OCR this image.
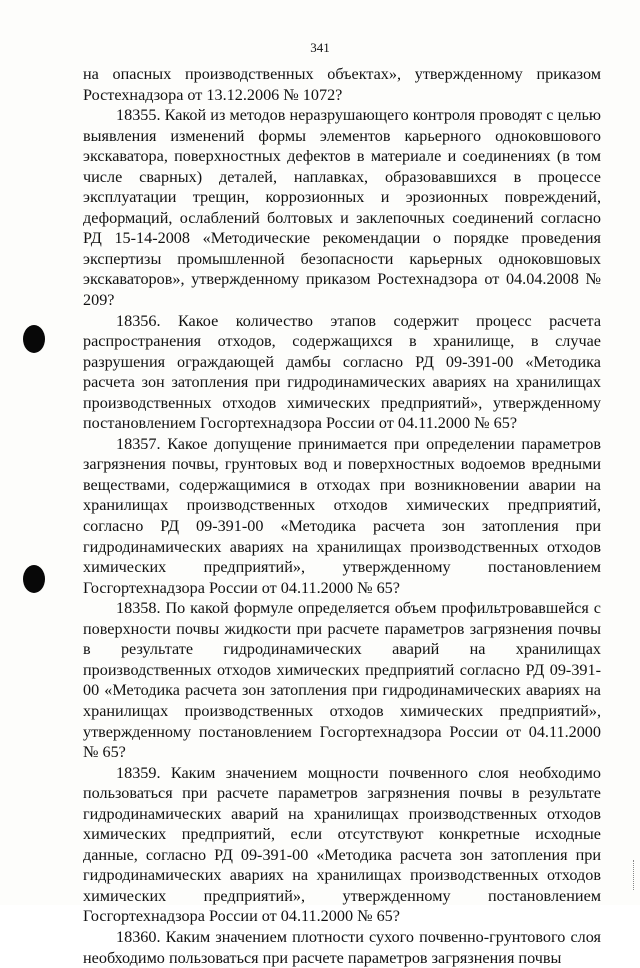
341

на опасных производственных объектах», утвержденному приказом Ростехнадзора от 13.12.2006 № 1072?

18355. Какой из методов неразрушающего контроля проводят с целью выявления изменений формы элементов карьерного одноковшового экскаватора, поверхностных дефектов в материале и соединениях (в том числе сварных) деталей, наплавках, образовавшихся в процессе эксплуатации трещин, коррозионных и эрозионных повреждений, деформаций, ослаблений болтовых и заклепочных соединений согласно РД 15-14-2008 «Методические рекомендации о порядке проведения экспертизы промышленной безопасности карьерных одноковшовых экскаваторов», утвержденному приказом Ростехнадзора от 04.04.2008 № 209?

18356. Какое количество этапов содержит процесс расчета распространения отходов, содержащихся в хранилище, в случае разрушения ограждающей дамбы согласно РД 09-391-00 «Методика расчета зон затопления при гидродинамических авариях на хранилищах производственных отходов химических предприятий», утвержденному постановлением Госгортехнадзора России от 04.11.2000 № 65?

18357. Какое допущение принимается при определении параметров загрязнения почвы, грунтовых вод и поверхностных водоемов вредными веществами, содержащимися в отходах при возникновении аварии на хранилищах производственных отходов химических предприятий, согласно РД 09-391-00 «Методика расчета зон затопления при гидродинамических авариях на хранилищах производственных отходов химических предприятий», утвержденному постановлением Госгортехнадзора России от 04.11.2000 № 65?

18358. По какой формуле определяется объем профильтровавшейся с поверхности почвы жидкости при расчете параметров загрязнения почвы в результате гидродинамических аварий на хранилищах производственных отходов химических предприятий согласно РД 09-391-00 «Методика расчета зон затопления при гидродинамических авариях на хранилищах производственных отходов химических предприятий», утвержденному постановлением Госгортехнадзора России от 04.11.2000 № 65?

18359. Каким значением мощности почвенного слоя необходимо пользоваться при расчете параметров загрязнения почвы в результате гидродинамических аварий на хранилищах производственных отходов химических предприятий, если отсутствуют конкретные исходные данные, согласно РД 09-391-00 «Методика расчета зон затопления при гидродинамических авариях на хранилищах производственных отходов химических предприятий», утвержденному постановлением Госгортехнадзора России от 04.11.2000 № 65?

18360. Каким значением плотности сухого почвенно-грунтового слоя необходимо пользоваться при расчете параметров загрязнения почвы
